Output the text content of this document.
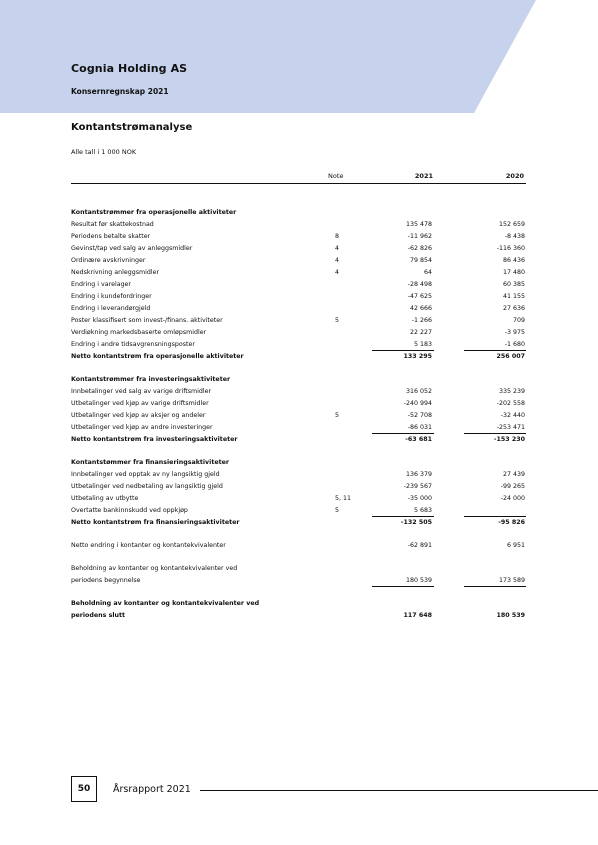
Cognia Holding AS
Konsernregnskap 2021
Kontantstrømanalyse
Alle tall i 1 000 NOK
Note	2021	2020
Kontantstrømmer fra operasjonelle aktiviteter
Resultat før skattekostnad	135 478	152 659
Periodens betalte skatter	8	-11 962	-8 438
Gevinst/tap ved salg av anleggsmidler	4	-62 826	-116 360
Ordinære avskrivninger	4	79 854	86 436
Nedskrivning anleggsmidler	4	64	17 480
Endring i varelager	-28 498	60 385
Endring i kundefordringer	-47 625	41 155
Endring i leverandørgjeld	42 666	27 636
Poster klassifisert som invest-/finans. aktiviteter	5	-1 266	709
Verdiøkning markedsbaserte omløpsmidler	22 227	-3 975
Endring i andre tidsavgrensningsposter	5 183	-1 680
Netto kontantstrøm fra operasjonelle aktiviteter	133 295	256 007
Kontantstrømmer fra investeringsaktiviteter
Innbetalinger ved salg av varige driftsmidler	316 052	335 239
Utbetalinger ved kjøp av varige driftsmidler	-240 994	-202 558
Utbetalinger ved kjøp av aksjer og andeler	5	-52 708	-32 440
Utbetalinger ved kjøp av andre investeringer	-86 031	-253 471
Netto kontantstrøm fra investeringsaktiviteter	-63 681	-153 230
Kontantstømmer fra finansieringsaktiviteter
Innbetalinger ved opptak av ny langsiktig gjeld	136 379	27 439
Utbetalinger ved nedbetaling av langsiktig gjeld	-239 567	-99 265
Utbetaling av utbytte	5, 11	-35 000	-24 000
Overtatte bankinnskudd ved oppkjøp	5	5 683
Netto kontantstrøm fra finansieringsaktiviteter	-132 505	-95 826
Netto endring i kontanter og kontantekvivalenter	-62 891	6 951
Beholdning av kontanter og kontantekvivalenter ved
periodens begynnelse	180 539	173 589
Beholdning av kontanter og kontantekvivalenter ved
periodens slutt	117 648	180 539
50	Årsrapport 2021
